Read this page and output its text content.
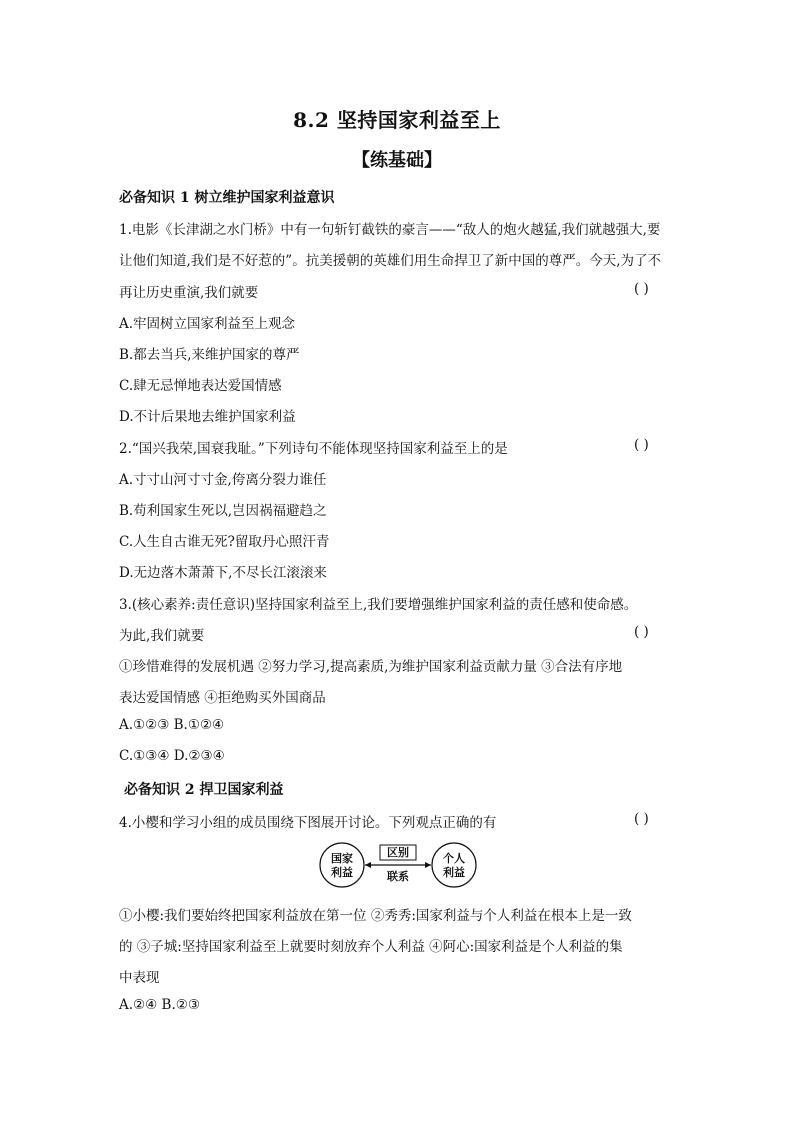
8.2 坚持国家利益至上
【练基础】
必备知识 1 树立维护国家利益意识
1.电影《长津湖之水门桥》中有一句斩钉截铁的豪言——“敌人的炮火越猛,我们就越强大,要
让他们知道,我们是不好惹的”。抗美援朝的英雄们用生命捍卫了新中国的尊严。今天,为了不
再让历史重演,我们就要	( )
A.牢固树立国家利益至上观念
B.都去当兵,来维护国家的尊严
C.肆无忌惮地表达爱国情感
D.不计后果地去维护国家利益
2.“国兴我荣,国衰我耻。”下列诗句不能体现坚持国家利益至上的是	( )
A.寸寸山河寸寸金,侉离分裂力谁任
B.苟利国家生死以,岂因祸福避趋之
C.人生自古谁无死?留取丹心照汗青
D.无边落木萧萧下,不尽长江滚滚来
3.(核心素养:责任意识)坚持国家利益至上,我们要增强维护国家利益的责任感和使命感。
为此,我们就要	( )
①珍惜难得的发展机遇 ②努力学习,提高素质,为维护国家利益贡献力量 ③合法有序地
表达爱国情感 ④拒绝购买外国商品
A.①②③ B.①②④
C.①③④ D.②③④
必备知识 2 捍卫国家利益
4.小樱和学习小组的成员围绕下图展开讨论。下列观点正确的有	( )
国家
利益
个人
利益
区别
联系
①小樱:我们要始终把国家利益放在第一位 ②秀秀:国家利益与个人利益在根本上是一致
的 ③子城:坚持国家利益至上就要时刻放弃个人利益 ④阿心:国家利益是个人利益的集
中表现
A.②④ B.②③
